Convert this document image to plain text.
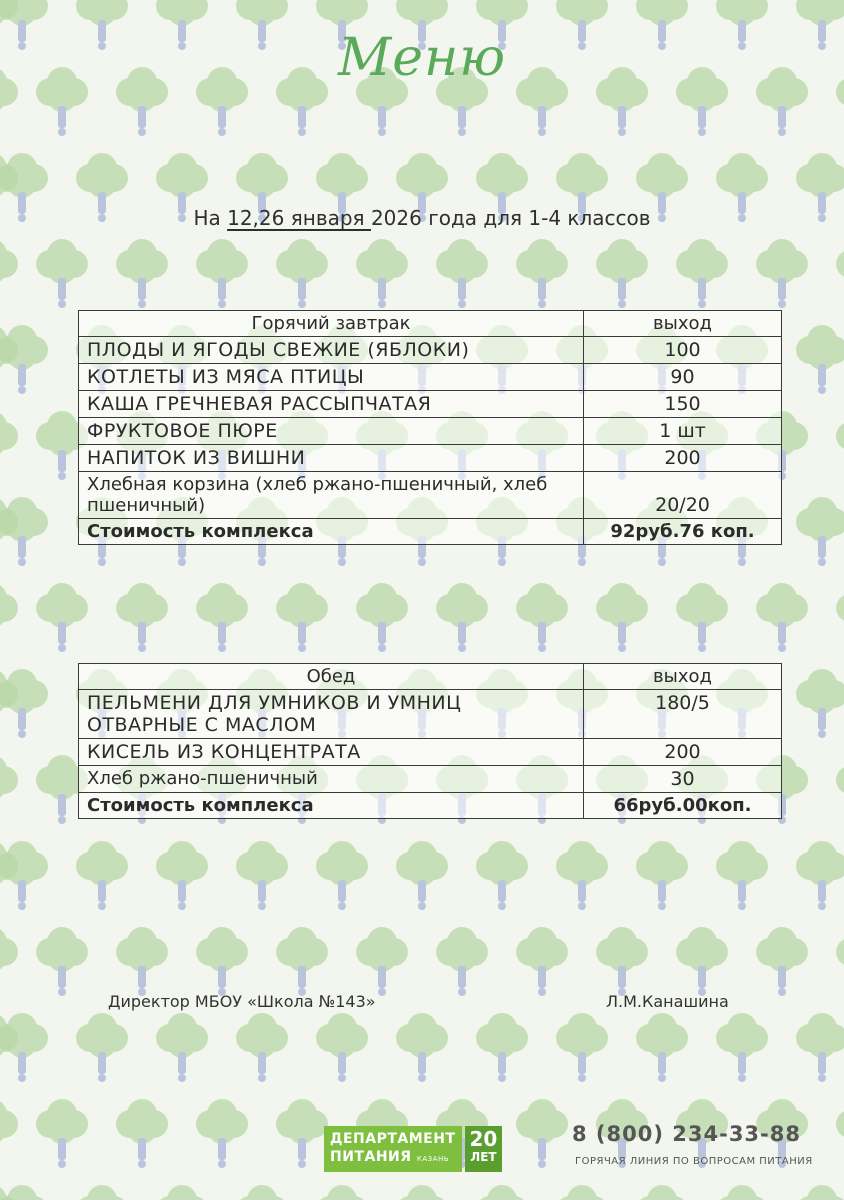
Меню
На 12,26 января 2026 года для 1-4 классов
Горячий завтрак	выход
ПЛОДЫ И ЯГОДЫ СВЕЖИЕ (ЯБЛОКИ)	100
КОТЛЕТЫ ИЗ МЯСА ПТИЦЫ	90
КАША ГРЕЧНЕВАЯ РАССЫПЧАТАЯ	150
ФРУКТОВОЕ ПЮРЕ	1 шт
НАПИТОК ИЗ ВИШНИ	200
Хлебная корзина (хлеб ржано-пшеничный, хлеб пшеничный)	20/20
Стоимость комплекса	92руб.76 коп.
Обед	выход
ПЕЛЬМЕНИ ДЛЯ УМНИКОВ И УМНИЦ ОТВАРНЫЕ С МАСЛОМ	180/5
КИСЕЛЬ ИЗ КОНЦЕНТРАТА	200
Хлеб ржано-пшеничный	30
Стоимость комплекса	66руб.00коп.
Директор МБОУ «Школа №143»	Л.М.Канашина
ДЕПАРТАМЕНТ
ПИТАНИЯ КАЗАНЬ
20
ЛЕТ
8 (800) 234-33-88
ГОРЯЧАЯ ЛИНИЯ ПО ВОПРОСАМ ПИТАНИЯ
